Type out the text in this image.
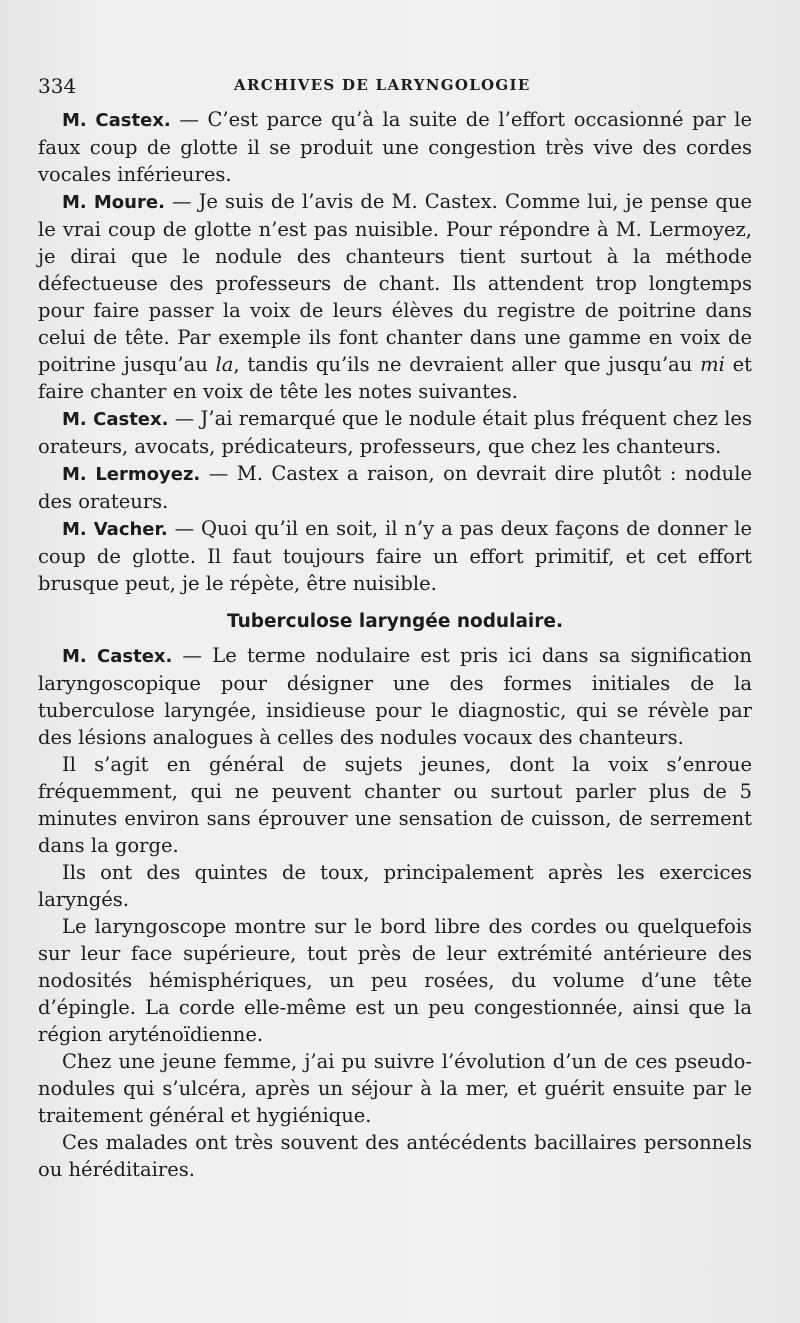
334	ARCHIVES DE LARYNGOLOGIE

M. Castex. — C’est parce qu’à la suite de l’effort occasionné par le faux coup de glotte il se produit une congestion très vive des cordes vocales inférieures.

M. Moure. — Je suis de l’avis de M. Castex. Comme lui, je pense que le vrai coup de glotte n’est pas nuisible. Pour répondre à M. Lermoyez, je dirai que le nodule des chanteurs tient surtout à la méthode défectueuse des professeurs de chant. Ils attendent trop longtemps pour faire passer la voix de leurs élèves du registre de poitrine dans celui de tête. Par exemple ils font chanter dans une gamme en voix de poitrine jusqu’au la, tandis qu’ils ne devraient aller que jusqu’au mi et faire chanter en voix de tête les notes suivantes.

M. Castex. — J’ai remarqué que le nodule était plus fréquent chez les orateurs, avocats, prédicateurs, professeurs, que chez les chanteurs.

M. Lermoyez. — M. Castex a raison, on devrait dire plutôt : nodule des orateurs.

M. Vacher. — Quoi qu’il en soit, il n’y a pas deux façons de donner le coup de glotte. Il faut toujours faire un effort primitif, et cet effort brusque peut, je le répète, être nuisible.

Tuberculose laryngée nodulaire.

M. Castex. — Le terme nodulaire est pris ici dans sa signification laryngoscopique pour désigner une des formes initiales de la tuberculose laryngée, insidieuse pour le diagnostic, qui se révèle par des lésions analogues à celles des nodules vocaux des chanteurs.

Il s’agit en général de sujets jeunes, dont la voix s’enroue fréquemment, qui ne peuvent chanter ou surtout parler plus de 5 minutes environ sans éprouver une sensation de cuisson, de serrement dans la gorge.

Ils ont des quintes de toux, principalement après les exercices laryngés.

Le laryngoscope montre sur le bord libre des cordes ou quelquefois sur leur face supérieure, tout près de leur extrémité antérieure des nodosités hémisphériques, un peu rosées, du volume d’une tête d’épingle. La corde elle-même est un peu congestionnée, ainsi que la région aryténoïdienne.

Chez une jeune femme, j’ai pu suivre l’évolution d’un de ces pseudo-nodules qui s’ulcéra, après un séjour à la mer, et guérit ensuite par le traitement général et hygiénique.

Ces malades ont très souvent des antécédents bacillaires personnels ou héréditaires.
